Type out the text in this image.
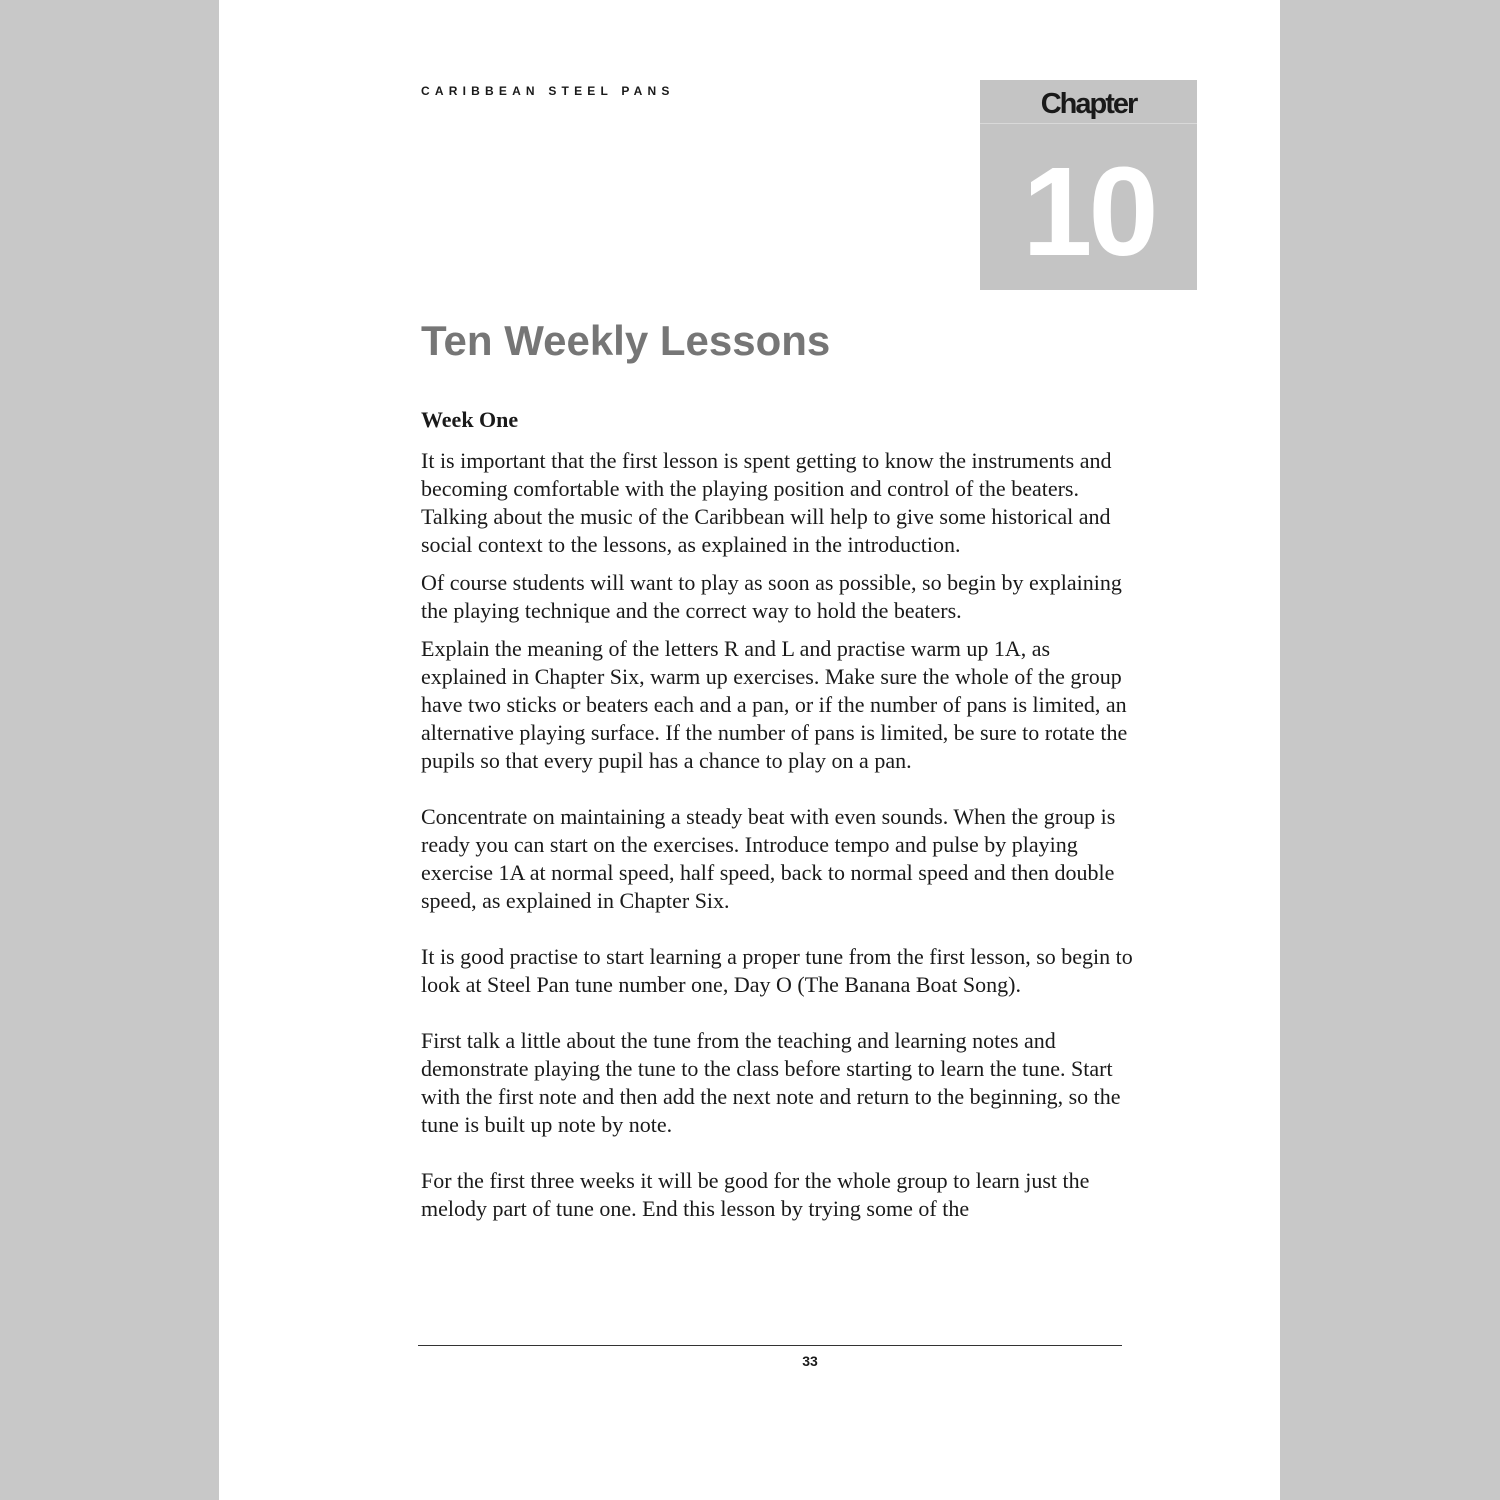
CARIBBEAN STEEL PANS	Chapter
10
Ten Weekly Lessons
Week One

It is important that the first lesson is spent getting to know the instruments and becoming comfortable with the playing position and control of the beaters. Talking about the music of the Caribbean will help to give some historical and social context to the lessons, as explained in the introduction.

Of course students will want to play as soon as possible, so begin by explaining the playing technique and the correct way to hold the beaters.

Explain the meaning of the letters R and L and practise warm up 1A, as explained in Chapter Six, warm up exercises. Make sure the whole of the group have two sticks or beaters each and a pan, or if the number of pans is limited, an alternative playing surface. If the number of pans is limited, be sure to rotate the pupils so that every pupil has a chance to play on a pan.

Concentrate on maintaining a steady beat with even sounds. When the group is ready you can start on the exercises. Introduce tempo and pulse by playing exercise 1A at normal speed, half speed, back to normal speed and then double speed, as explained in Chapter Six.

It is good practise to start learning a proper tune from the first lesson, so begin to look at Steel Pan tune number one, Day O (The Banana Boat Song).

First talk a little about the tune from the teaching and learning notes and demonstrate playing the tune to the class before starting to learn the tune. Start with the first note and then add the next note and return to the beginning, so the tune is built up note by note.

For the first three weeks it will be good for the whole group to learn just the melody part of tune one. End this lesson by trying some of the

33
